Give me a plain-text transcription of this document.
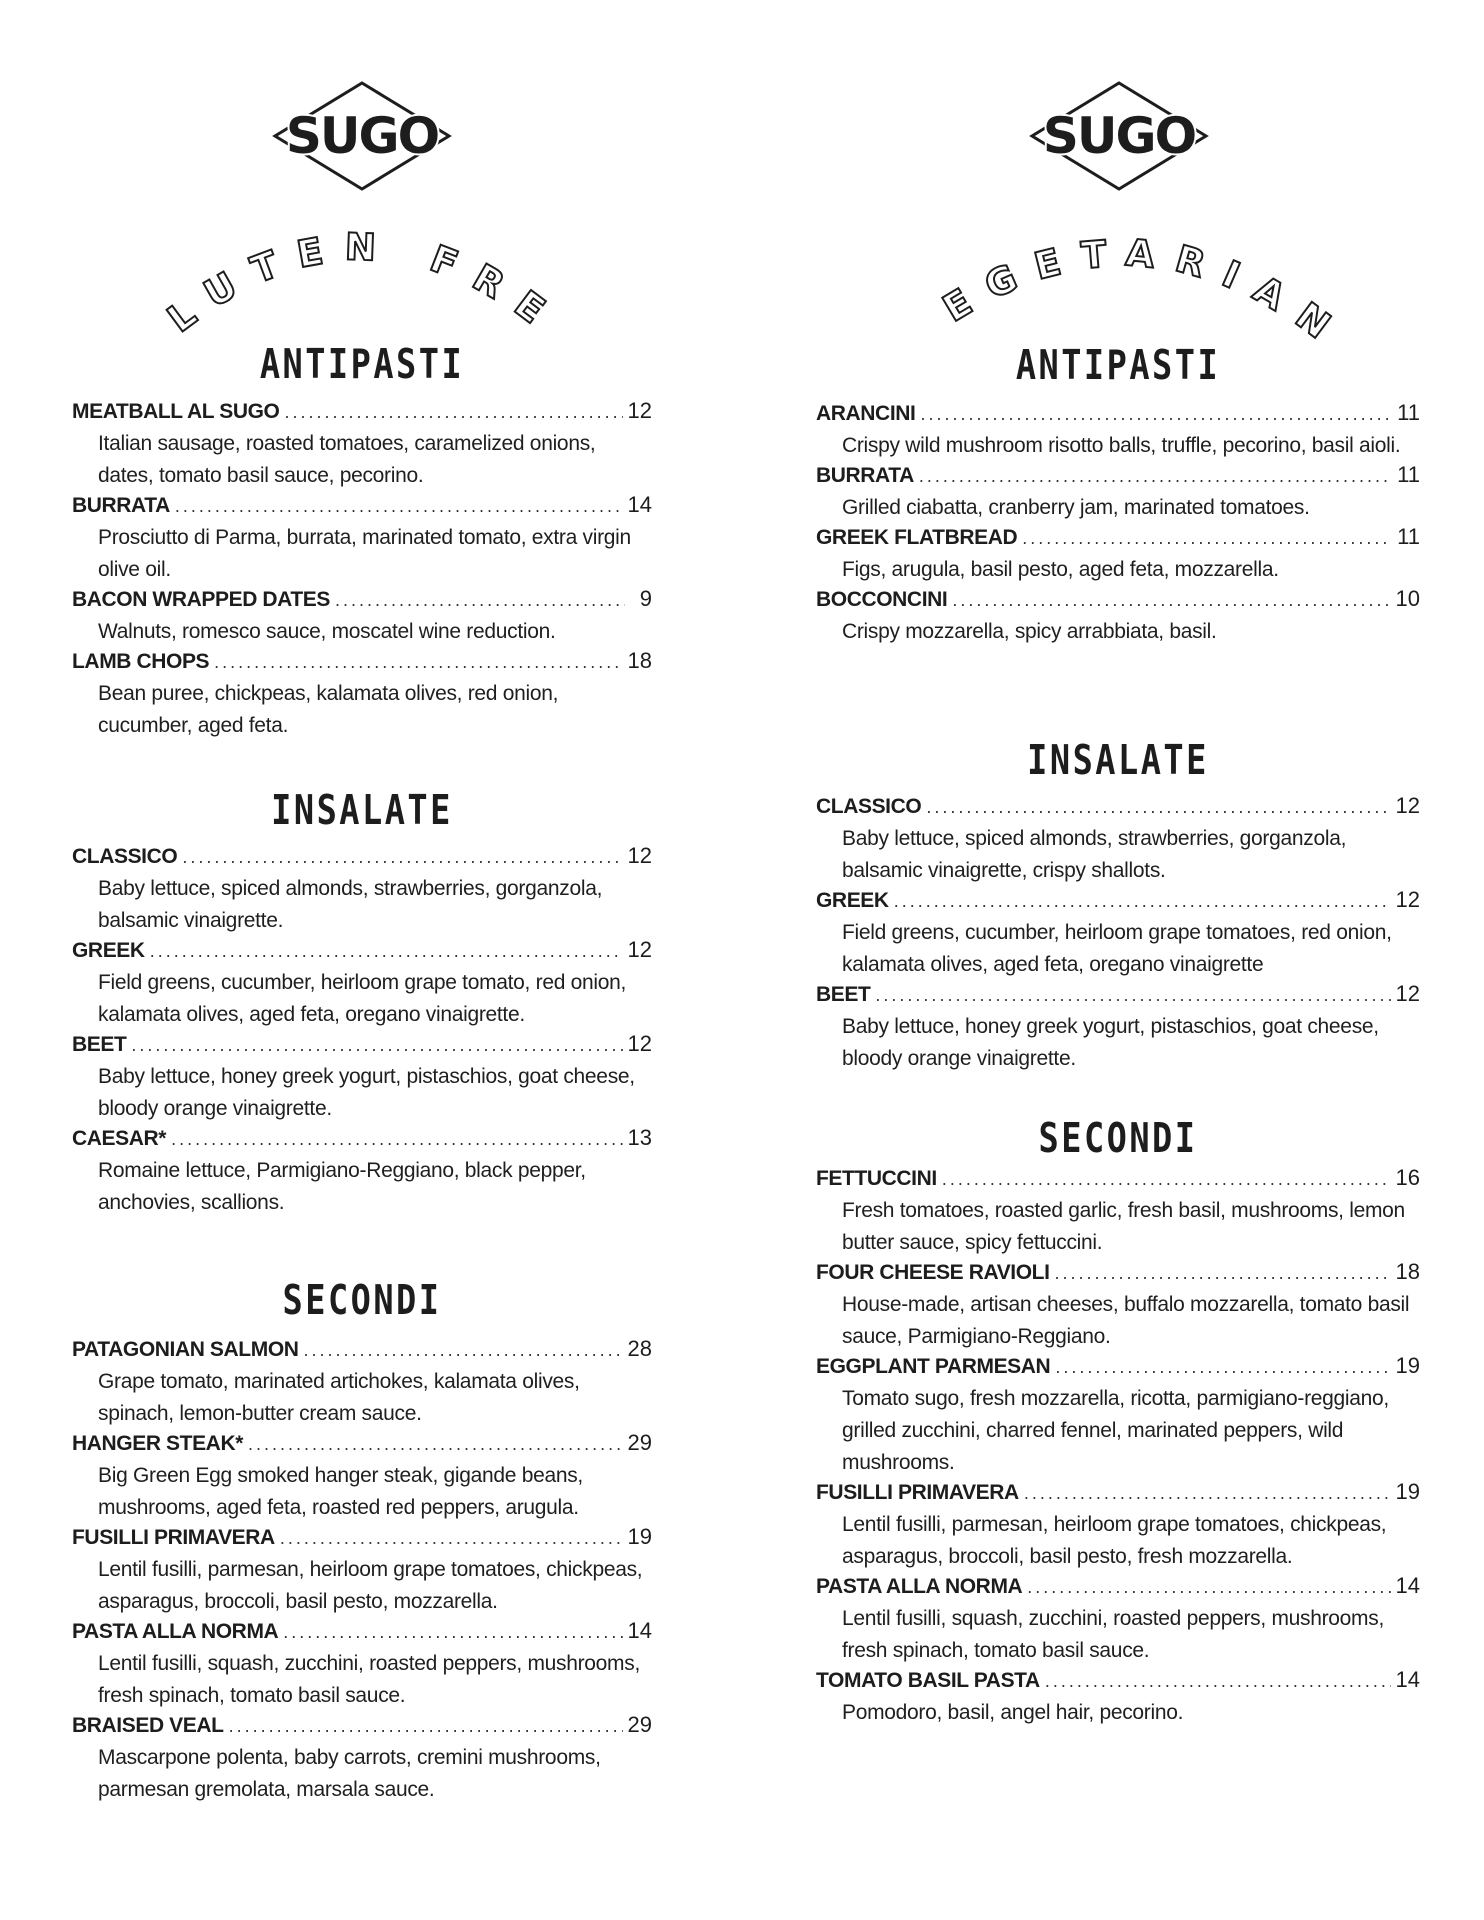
SUGO
GLUTEN FREE
ANTIPASTI
MEATBALL AL SUGO . . .	12

Italian sausage, roasted tomatoes, caramelized onions, dates, tomato basil sauce, pecorino.

BURRATA . . .	14

Prosciutto di Parma, burrata, marinated tomato, extra virgin olive oil.

BACON WRAPPED DATES . . .	9

Walnuts, romesco sauce, moscatel wine reduction.

LAMB CHOPS . . .	18

Bean puree, chickpeas, kalamata olives, red onion, cucumber, aged feta.

INSALATE
CLASSICO . . .	12

Baby lettuce, spiced almonds, strawberries, gorganzola, balsamic vinaigrette.

GREEK . . .	12

Field greens, cucumber, heirloom grape tomato, red onion, kalamata olives, aged feta, oregano vinaigrette.

BEET . . .	12

Baby lettuce, honey greek yogurt, pistaschios, goat cheese, bloody orange vinaigrette.

CAESAR* . . .	13

Romaine lettuce, Parmigiano-Reggiano, black pepper, anchovies, scallions.

SECONDI
PATAGONIAN SALMON . . .	28

Grape tomato, marinated artichokes, kalamata olives, spinach, lemon-butter cream sauce.

HANGER STEAK* . . .	29

Big Green Egg smoked hanger steak, gigande beans, mushrooms, aged feta, roasted red peppers, arugula.

FUSILLI PRIMAVERA . . .	19

Lentil fusilli, parmesan, heirloom grape tomatoes, chickpeas, asparagus, broccoli, basil pesto, mozzarella.

PASTA ALLA NORMA . . .	14

Lentil fusilli, squash, zucchini, roasted peppers, mushrooms, fresh spinach, tomato basil sauce.

BRAISED VEAL . . .	29

Mascarpone polenta, baby carrots, cremini mushrooms, parmesan gremolata, marsala sauce.

SUGO
VEGETARIAN
ANTIPASTI
ARANCINI . . .	11

Crispy wild mushroom risotto balls, truffle, pecorino, basil aioli.

BURRATA . . .	11

Grilled ciabatta, cranberry jam, marinated tomatoes.

GREEK FLATBREAD . . .	11

Figs, arugula, basil pesto, aged feta, mozzarella.

BOCCONCINI . . .	10

Crispy mozzarella, spicy arrabbiata, basil.

INSALATE
CLASSICO . . .	12

Baby lettuce, spiced almonds, strawberries, gorganzola, balsamic vinaigrette, crispy shallots.

GREEK . . .	12

Field greens, cucumber, heirloom grape tomatoes, red onion, kalamata olives, aged feta, oregano vinaigrette

BEET . . .	12

Baby lettuce, honey greek yogurt, pistaschios, goat cheese, bloody orange vinaigrette.

SECONDI
FETTUCCINI . . .	16

Fresh tomatoes, roasted garlic, fresh basil, mushrooms, lemon butter sauce, spicy fettuccini.

FOUR CHEESE RAVIOLI . . .	18

House-made, artisan cheeses, buffalo mozzarella, tomato basil sauce, Parmigiano-Reggiano.

EGGPLANT PARMESAN . . .	19

Tomato sugo, fresh mozzarella, ricotta, parmigiano-reggiano, grilled zucchini, charred fennel, marinated peppers, wild mushrooms.

FUSILLI PRIMAVERA . . .	19

Lentil fusilli, parmesan, heirloom grape tomatoes, chickpeas, asparagus, broccoli, basil pesto, fresh mozzarella.

PASTA ALLA NORMA . . .	14

Lentil fusilli, squash, zucchini, roasted peppers, mushrooms, fresh spinach, tomato basil sauce.

TOMATO BASIL PASTA . . .	14

Pomodoro, basil, angel hair, pecorino.
